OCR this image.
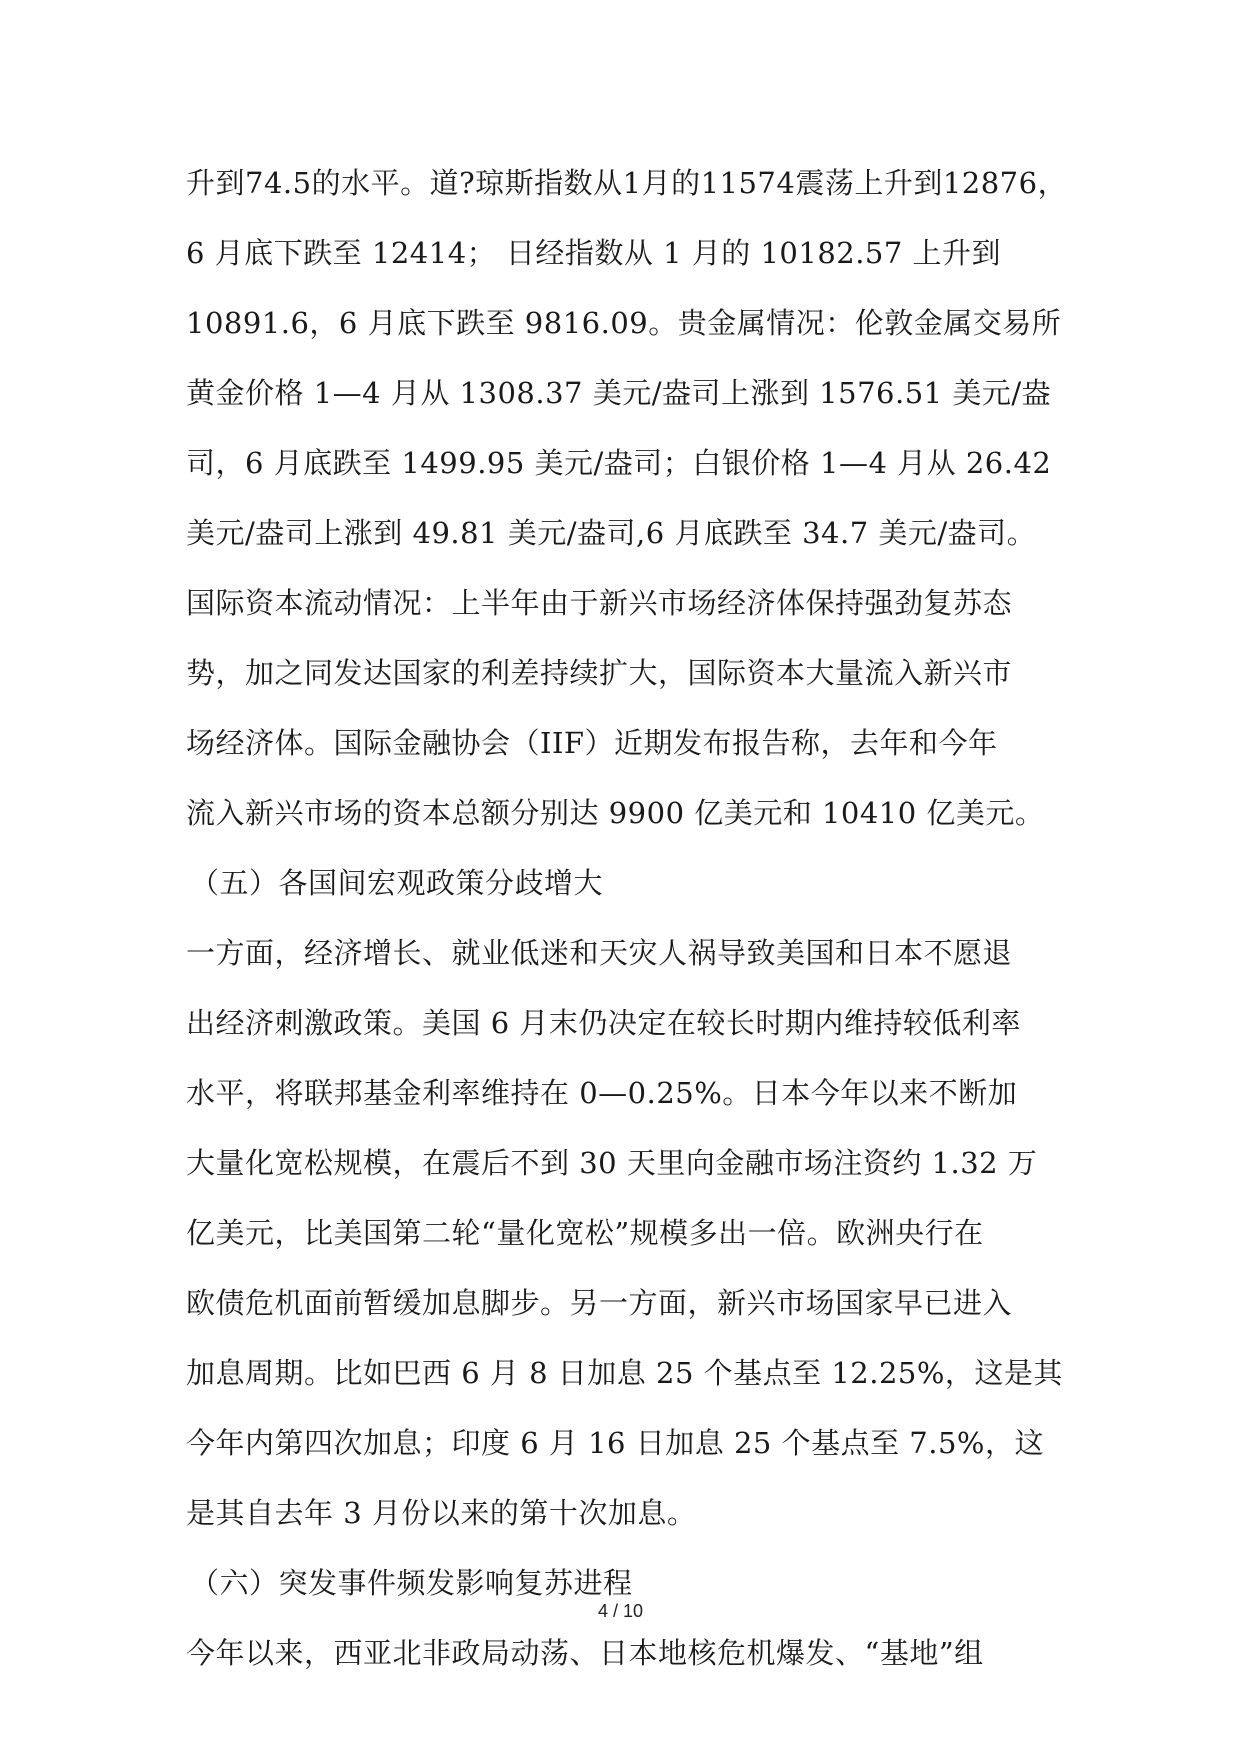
升到74.5的水平。道?琼斯指数从1月的11574震荡上升到12876，
6 月底下跌至 12414； 日经指数从 1 月的 10182.57 上升到
10891.6，6 月底下跌至 9816.09。贵金属情况：伦敦金属交易所
黄金价格 1—4 月从 1308.37 美元/盎司上涨到 1576.51 美元/盎
司，6 月底跌至 1499.95 美元/盎司；白银价格 1—4 月从 26.42
美元/盎司上涨到 49.81 美元/盎司,6 月底跌至 34.7 美元/盎司。
国际资本流动情况：上半年由于新兴市场经济体保持强劲复苏态
势，加之同发达国家的利差持续扩大，国际资本大量流入新兴市
场经济体。国际金融协会（IIF）近期发布报告称，去年和今年
流入新兴市场的资本总额分别达 9900 亿美元和 10410 亿美元。
（五）各国间宏观政策分歧增大
一方面，经济增长、就业低迷和天灾人祸导致美国和日本不愿退
出经济刺激政策。美国 6 月末仍决定在较长时期内维持较低利率
水平，将联邦基金利率维持在 0—0.25%。日本今年以来不断加
大量化宽松规模，在震后不到 30 天里向金融市场注资约 1.32 万
亿美元，比美国第二轮“量化宽松”规模多出一倍。欧洲央行在
欧债危机面前暂缓加息脚步。另一方面，新兴市场国家早已进入
加息周期。比如巴西 6 月 8 日加息 25 个基点至 12.25%，这是其
今年内第四次加息；印度 6 月 16 日加息 25 个基点至 7.5%，这
是其自去年 3 月份以来的第十次加息。
（六）突发事件频发影响复苏进程
今年以来，西亚北非政局动荡、日本地核危机爆发、“基地”组
4 / 10
